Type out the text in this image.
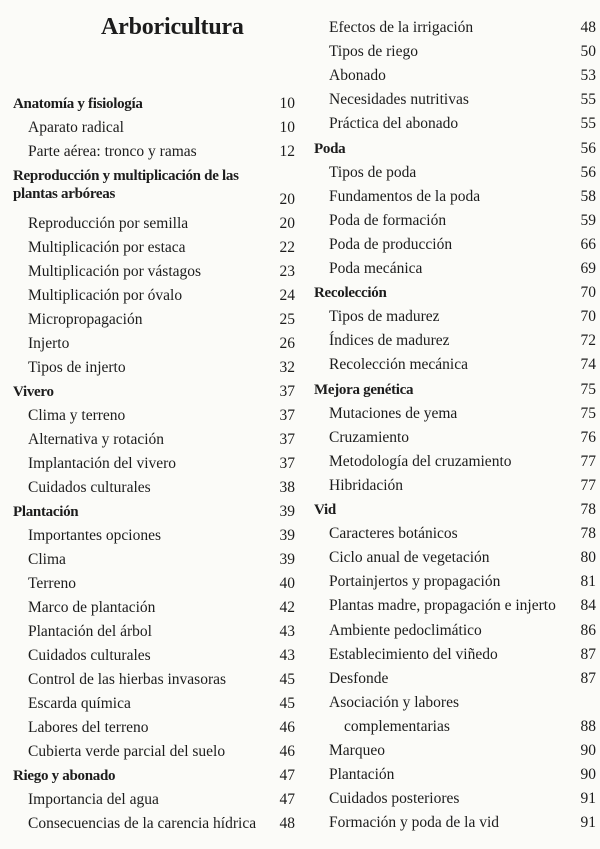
Arboricultura
Anatomía y fisiología	10
Aparato radical	10
Parte aérea: tronco y ramas	12
Reproducción y multiplicación de las plantas arbóreas	20
Reproducción por semilla	20
Multiplicación por estaca	22
Multiplicación por vástagos	23
Multiplicación por óvalo	24
Micropropagación	25
Injerto	26
Tipos de injerto	32
Vivero	37
Clima y terreno	37
Alternativa y rotación	37
Implantación del vivero	37
Cuidados culturales	38
Plantación	39
Importantes opciones	39
Clima	39
Terreno	40
Marco de plantación	42
Plantación del árbol	43
Cuidados culturales	43
Control de las hierbas invasoras	45
Escarda química	45
Labores del terreno	46
Cubierta verde parcial del suelo	46
Riego y abonado	47
Importancia del agua	47
Consecuencias de la carencia hídrica 48
Efectos de la irrigación	48
Tipos de riego	50
Abonado	53
Necesidades nutritivas	55
Práctica del abonado	55
Poda	56
Tipos de poda	56
Fundamentos de la poda	58
Poda de formación	59
Poda de producción	66
Poda mecánica	69
Recolección	70
Tipos de madurez	70
Índices de madurez	72
Recolección mecánica	74
Mejora genética	75
Mutaciones de yema	75
Cruzamiento	76
Metodología del cruzamiento	77
Hibridación	77
Vid	78
Caracteres botánicos	78
Ciclo anual de vegetación	80
Portainjertos y propagación	81
Plantas madre, propagación e injerto 84
Ambiente pedoclimático	86
Establecimiento del viñedo	87
Desfonde	87
Asociación y labores
complementarias	88
Marqueo	90
Plantación	90
Cuidados posteriores	91
Formación y poda de la vid	91
